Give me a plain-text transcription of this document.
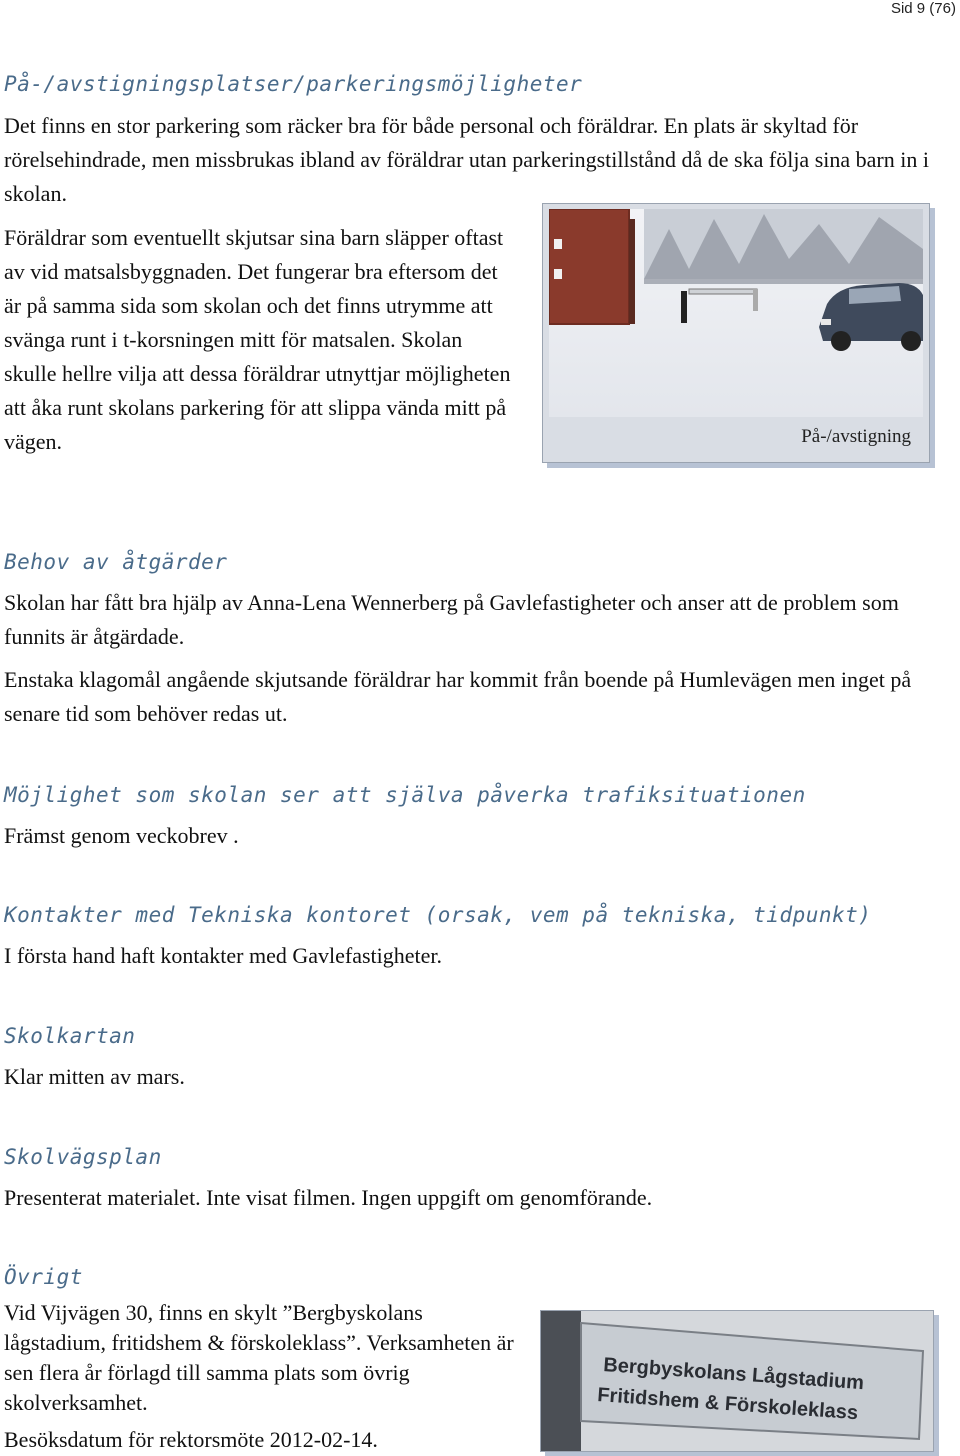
Sid 9 (76)
På-/avstigningsplatser/parkeringsmöjligheter

Det finns en stor parkering som räcker bra för både personal och föräldrar. En plats är skyltad för rörelsehindrade, men missbrukas ibland av föräldrar utan parkeringstillstånd då de ska följa sina barn in i skolan.

Föräldrar som eventuellt skjutsar sina barn släpper oftast av vid matsalsbyggnaden. Det fungerar bra eftersom det är på samma sida som skolan och det finns utrymme att svänga runt i t-korsningen mitt för matsalen. Skolan skulle hellre vilja att dessa föräldrar utnyttjar möjligheten att åka runt skolans parkering för att slippa vända mitt på vägen.	På-/avstigning
Behov av åtgärder

Skolan har fått bra hjälp av Anna-Lena Wennerberg på Gavlefastigheter och anser att de problem som funnits är åtgärdade.

Enstaka klagomål angående skjutsande föräldrar har kommit från boende på Humlevägen men inget på senare tid som behöver redas ut.

Möjlighet som skolan ser att själva påverka trafiksituationen

Främst genom veckobrev .

Kontakter med Tekniska kontoret (orsak, vem på tekniska, tidpunkt)

I första hand haft kontakter med Gavlefastigheter.

Skolkartan

Klar mitten av mars.

Skolvägsplan

Presenterat materialet. Inte visat filmen. Ingen uppgift om genomförande.

Övrigt

Vid Vijvägen 30, finns en skylt ”Bergbyskolans lågstadium, fritidshem & förskoleklass”. Verksamheten är sen flera år förlagd till samma plats som övrig skolverksamhet.

Besöksdatum för rektorsmöte 2012-02-14.

Bergbyskolans Lågstadium
Fritidshem & Förskoleklass
